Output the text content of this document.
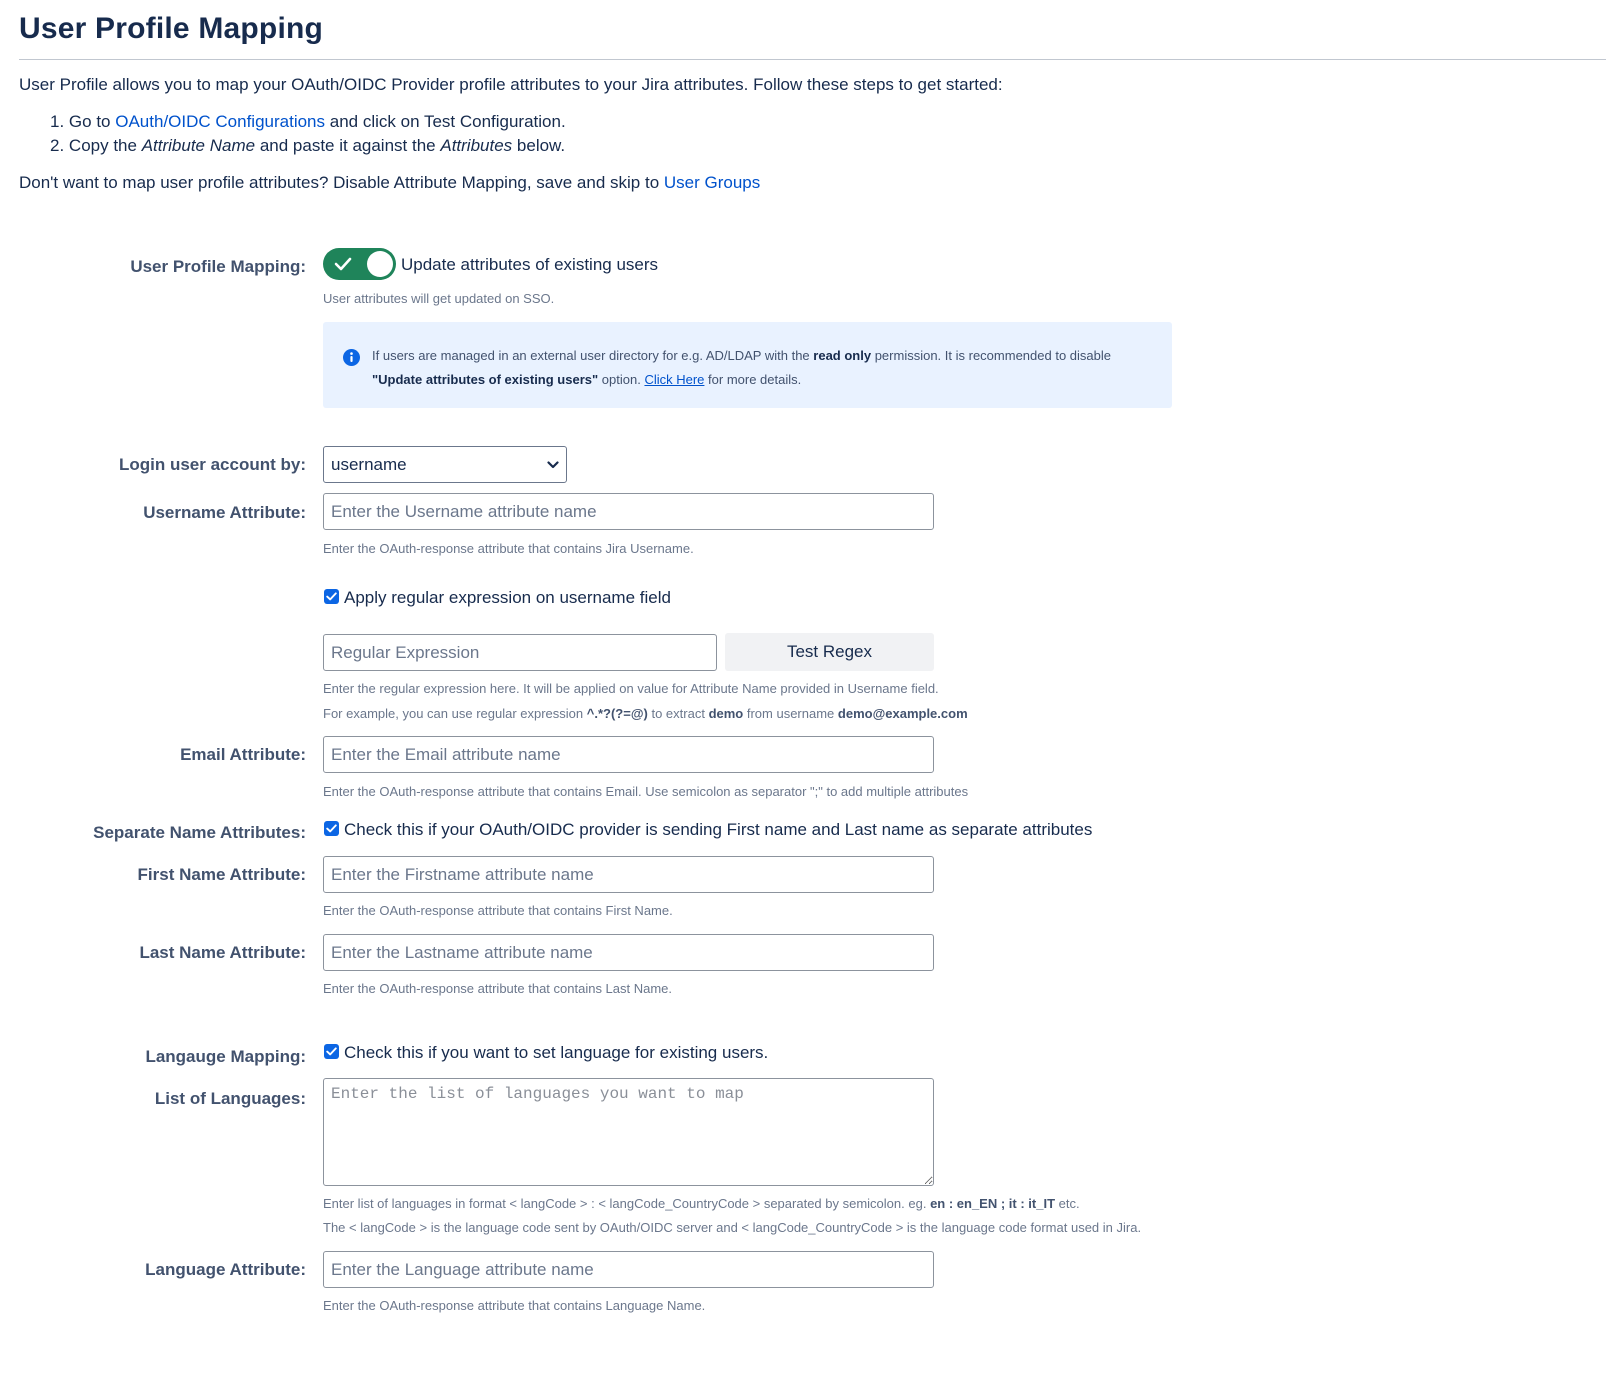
User Profile Mapping
User Profile allows you to map your OAuth/OIDC Provider profile attributes to your Jira attributes. Follow these steps to get started:
1. Go to OAuth/OIDC Configurations and click on Test Configuration.
2. Copy the Attribute Name and paste it against the Attributes below.
Don't want to map user profile attributes? Disable Attribute Mapping, save and skip to User Groups
User Profile Mapping:	Update attributes of existing users
User attributes will get updated on SSO.
If users are managed in an external user directory for e.g. AD/LDAP with the read only permission. It is recommended to disable
"Update attributes of existing users" option. Click Here for more details.
Login user account by: username
Username Attribute:
Enter the Username attribute name
Enter the OAuth-response attribute that contains Jira Username.
Apply regular expression on username field
Regular Expression
Test Regex
Enter the regular expression here. It will be applied on value for Attribute Name provided in Username field.
For example, you can use regular expression ^.*?(?=@) to extract demo from username demo@example.com
Email Attribute:
Enter the Email attribute name
Enter the OAuth-response attribute that contains Email. Use semicolon as separator ";" to add multiple attributes
Separate Name Attributes: Check this if your OAuth/OIDC provider is sending First name and Last name as separate attributes
First Name Attribute:
Enter the Firstname attribute name
Enter the OAuth-response attribute that contains First Name.
Last Name Attribute:
Enter the Lastname attribute name
Enter the OAuth-response attribute that contains Last Name.
Langauge Mapping: Check this if you want to set language for existing users.
List of Languages:
Enter the list of languages you want to map
Enter list of languages in format < langCode > : < langCode_CountryCode > separated by semicolon. eg. en : en_EN ; it : it_IT etc.
The < langCode > is the language code sent by OAuth/OIDC server and < langCode_CountryCode > is the language code format used in Jira.
Language Attribute:
Enter the Language attribute name
Enter the OAuth-response attribute that contains Language Name.
